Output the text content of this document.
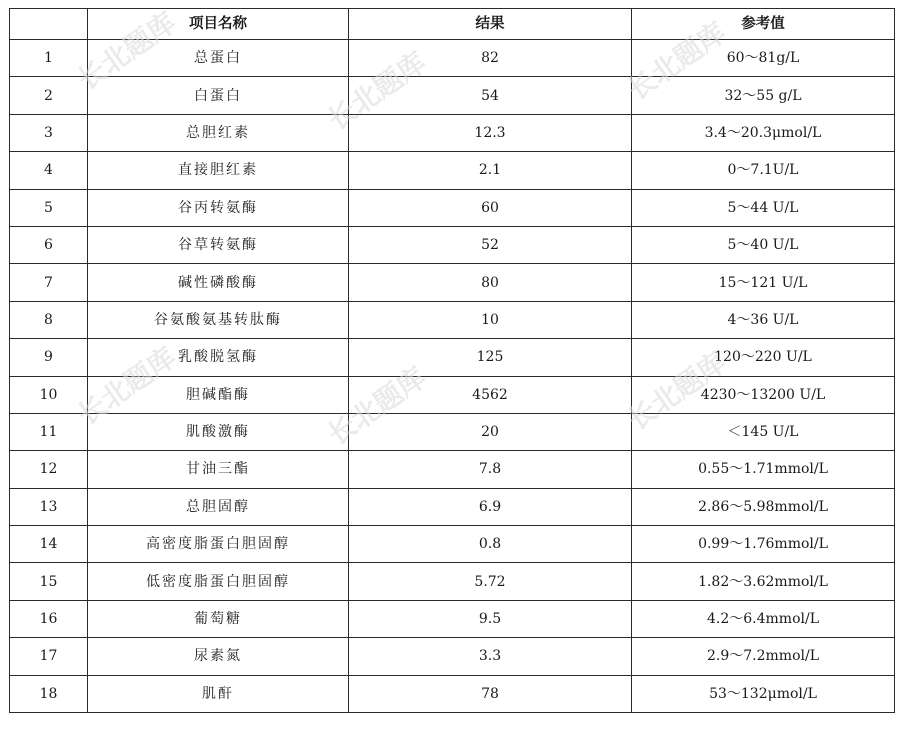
	项目名称	结果	参考值
1	总蛋白	82	60～81g/L
2	白蛋白	54	32～55 g/L
3	总胆红素	12.3	3.4～20.3μmol/L
4	直接胆红素	2.1	0～7.1U/L
5	谷丙转氨酶	60	5～44 U/L
6	谷草转氨酶	52	5～40 U/L
7	碱性磷酸酶	80	15～121 U/L
8	谷氨酸氨基转肽酶	10	4～36 U/L
9	乳酸脱氢酶	125	120～220 U/L
10	胆碱酯酶	4562	4230～13200 U/L
11	肌酸激酶	20	＜145 U/L
12	甘油三酯	7.8	0.55～1.71mmol/L
13	总胆固醇	6.9	2.86～5.98mmol/L
14	高密度脂蛋白胆固醇	0.8	0.99～1.76mmol/L
15	低密度脂蛋白胆固醇	5.72	1.82～3.62mmol/L
16	葡萄糖	9.5	4.2～6.4mmol/L
17	尿素氮	3.3	2.9～7.2mmol/L
18	肌酐	78	53～132μmol/L
长北题库	长北题库	长北题库
长北题库	长北题库	长北题库
